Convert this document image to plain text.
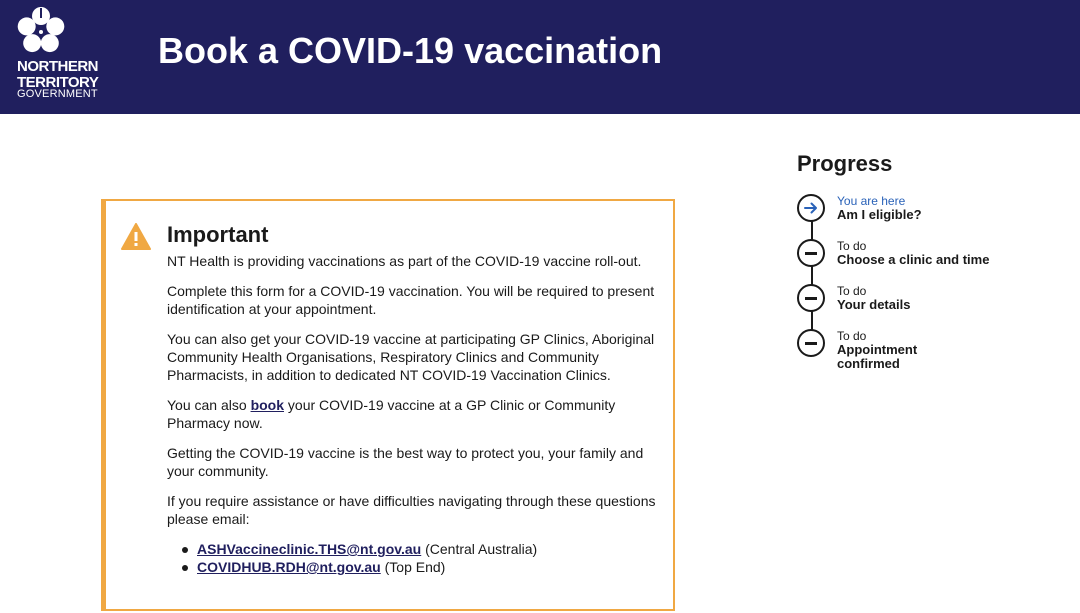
NORTHERN
TERRITORY
GOVERNMENT
Book a COVID-19 vaccination
Important

NT Health is providing vaccinations as part of the COVID-19 vaccine roll-out.

Complete this form for a COVID-19 vaccination. You will be required to present identification at your appointment.

You can also get your COVID-19 vaccine at participating GP Clinics, Aboriginal Community Health Organisations, Respiratory Clinics and Community Pharmacists, in addition to dedicated NT COVID-19 Vaccination Clinics.

You can also book your COVID-19 vaccine at a GP Clinic or Community Pharmacy now.

Getting the COVID-19 vaccine is the best way to protect you, your family and your community.

If you require assistance or have difficulties navigating through these questions please email:

ASHVaccineclinic.THS@nt.gov.au (Central Australia)
COVIDHUB.RDH@nt.gov.au (Top End)
Progress
You are here
Am I eligible?
To do
Choose a clinic and time
To do
Your details
To do
Appointment confirmed
